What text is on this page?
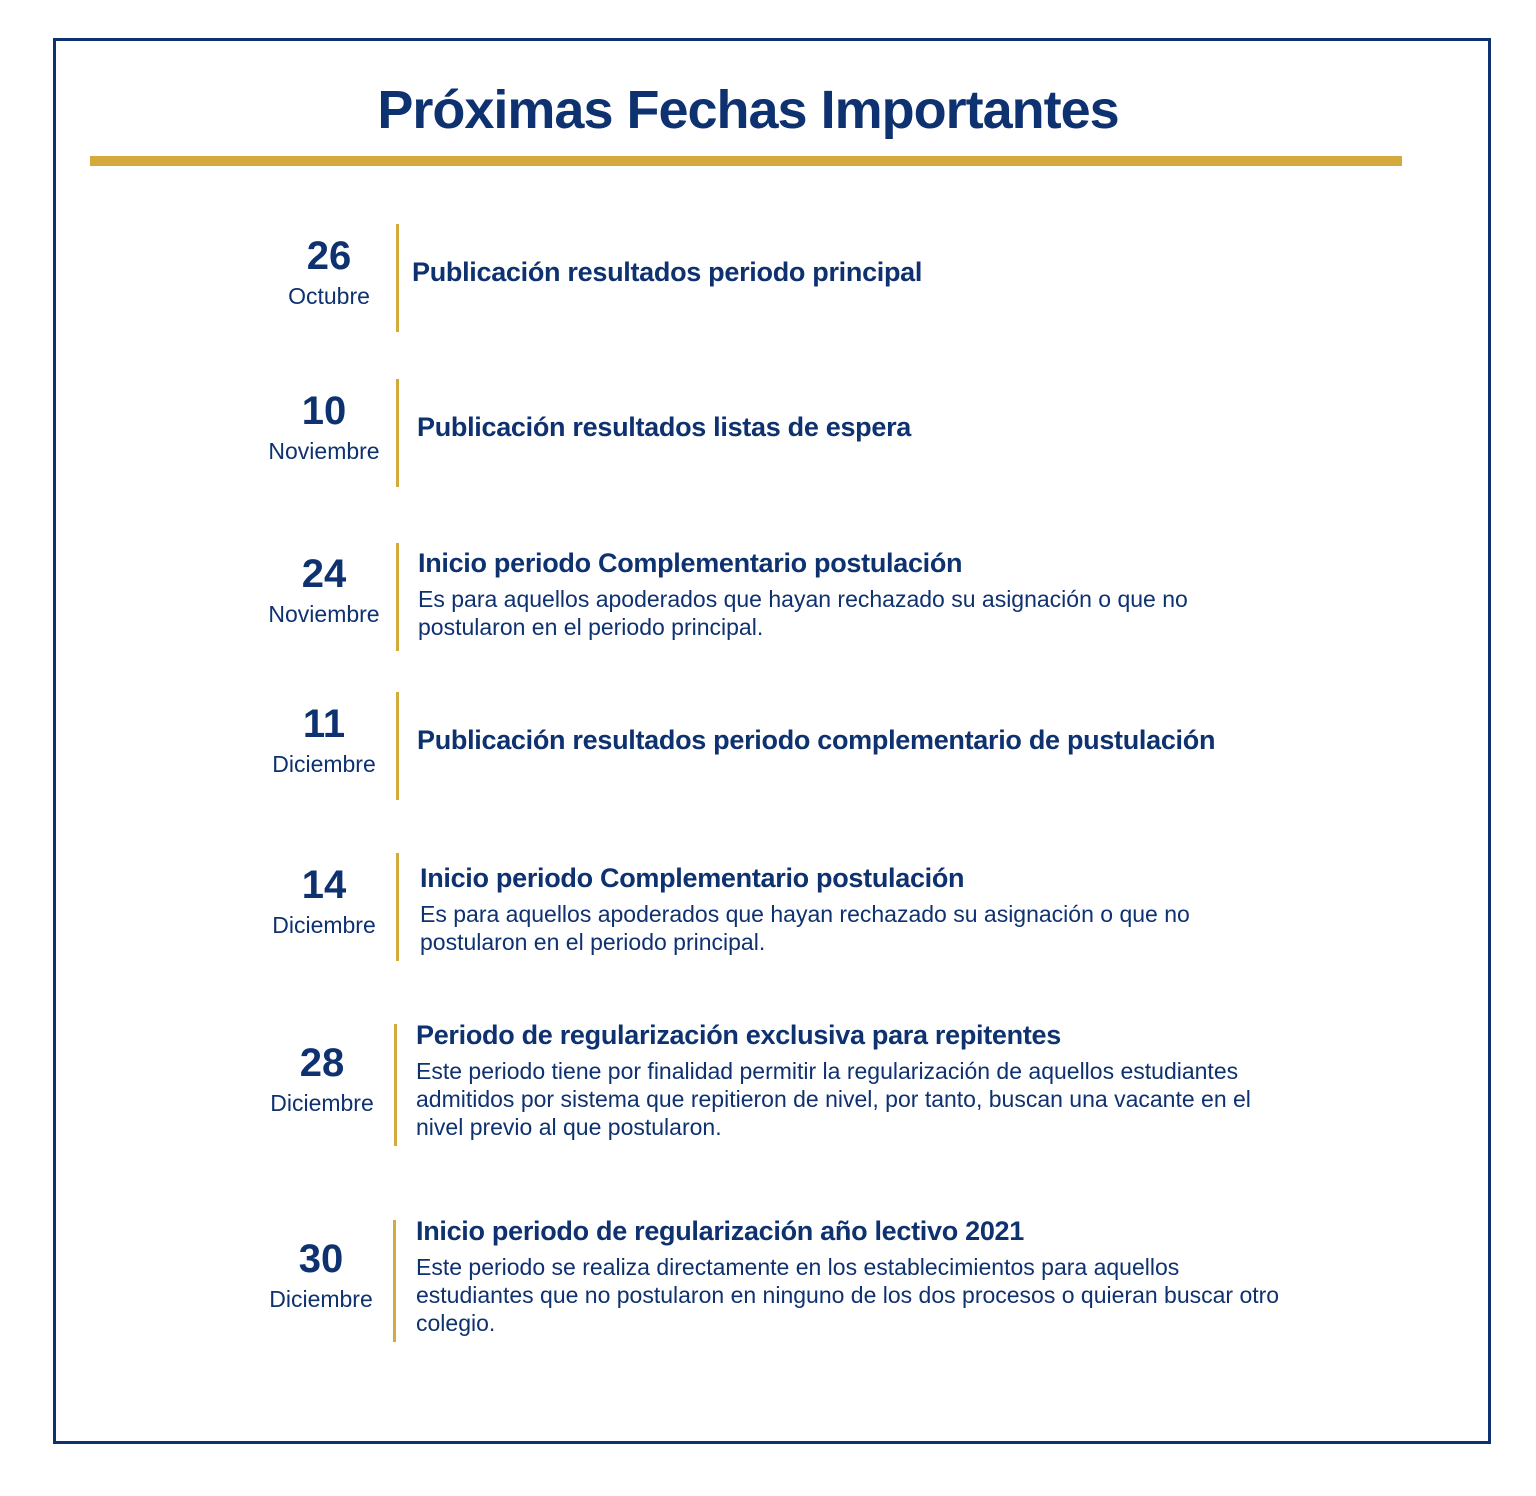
Próximas Fechas Importantes
26
Octubre
Publicación resultados periodo principal
10
Noviembre
Publicación resultados listas de espera
24
Noviembre
Inicio periodo Complementario postulación
Es para aquellos apoderados que hayan rechazado su asignación o que no postularon en el periodo principal.
11
Diciembre
Publicación resultados periodo complementario de pustulación
14
Diciembre
Inicio periodo Complementario postulación
Es para aquellos apoderados que hayan rechazado su asignación o que no postularon en el periodo principal.
28
Diciembre
Periodo de regularización exclusiva para repitentes
Este periodo tiene por finalidad permitir la regularización de aquellos estudiantes admitidos por sistema que repitieron de nivel, por tanto, buscan una vacante en el nivel previo al que postularon.
30
Diciembre
Inicio periodo de regularización año lectivo 2021
Este periodo se realiza directamente en los establecimientos para aquellos estudiantes que no postularon en ninguno de los dos procesos o quieran buscar otro colegio.
